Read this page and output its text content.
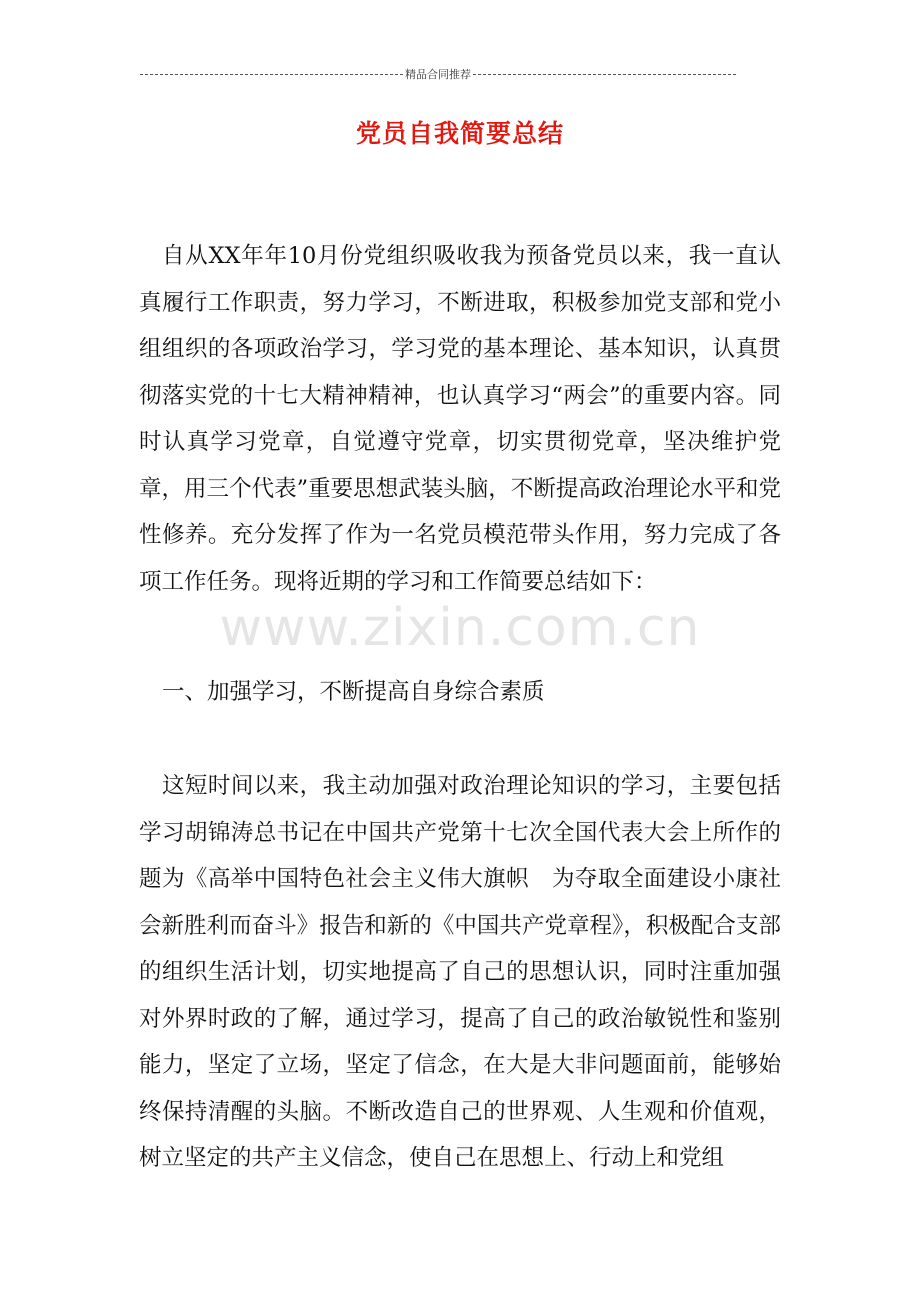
精品合同推荐
党员自我简要总结

自从XX年年10月份党组织吸收我为预备党员以来，我一直认真履行工作职责，努力学习，不断进取，积极参加党支部和党小组组织的各项政治学习，学习党的基本理论、基本知识，认真贯彻落实党的十七大精神精神，也认真学习“两会”的重要内容。同时认真学习党章，自觉遵守党章，切实贯彻党章，坚决维护党章，用三个代表”重要思想武装头脑，不断提高政治理论水平和党性修养。充分发挥了作为一名党员模范带头作用，努力完成了各项工作任务。现将近期的学习和工作简要总结如下：

www.zixin.com.cn

一、加强学习，不断提高自身综合素质

这短时间以来，我主动加强对政治理论知识的学习，主要包括学习胡锦涛总书记在中国共产党第十七次全国代表大会上所作的题为《高举中国特色社会主义伟大旗帜　为夺取全面建设小康社会新胜利而奋斗》报告和新的《中国共产党章程》，积极配合支部的组织生活计划，切实地提高了自己的思想认识，同时注重加强对外界时政的了解，通过学习，提高了自己的政治敏锐性和鉴别能力，坚定了立场，坚定了信念，在大是大非问题面前，能够始终保持清醒的头脑。不断改造自己的世界观、人生观和价值观，树立坚定的共产主义信念，使自己在思想上、行动上和党组
